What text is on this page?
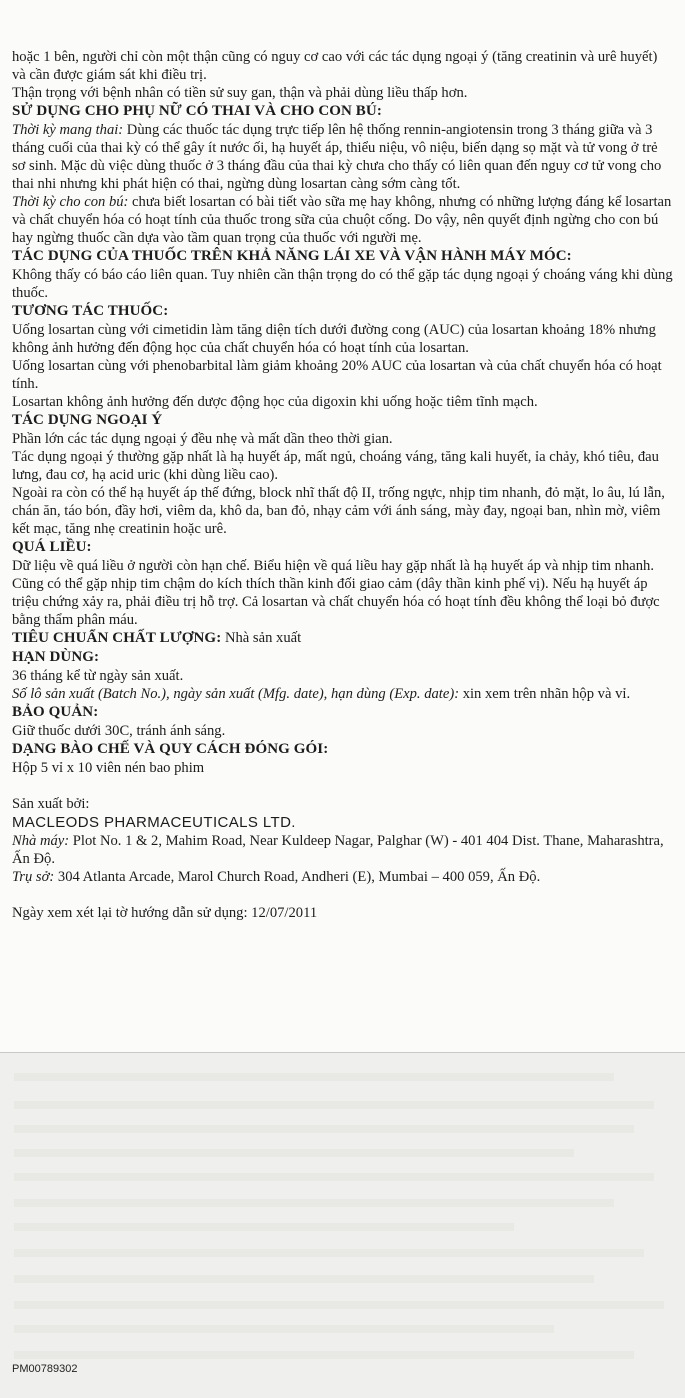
hoặc 1 bên, người chỉ còn một thận cũng có nguy cơ cao với các tác dụng ngoại ý (tăng creatinin và urê huyết) và cần được giám sát khi điều trị.

Thận trọng với bệnh nhân có tiền sử suy gan, thận và phải dùng liều thấp hơn.

SỬ DỤNG CHO PHỤ NỮ CÓ THAI VÀ CHO CON BÚ:

Thời kỳ mang thai: Dùng các thuốc tác dụng trực tiếp lên hệ thống rennin-angiotensin trong 3 tháng giữa và 3 tháng cuối của thai kỳ có thể gây ít nước ối, hạ huyết áp, thiểu niệu, vô niệu, biến dạng sọ mặt và tử vong ở trẻ sơ sinh. Mặc dù việc dùng thuốc ở 3 tháng đầu của thai kỳ chưa cho thấy có liên quan đến nguy cơ tử vong cho thai nhi nhưng khi phát hiện có thai, ngừng dùng losartan càng sớm càng tốt.

Thời kỳ cho con bú: chưa biết losartan có bài tiết vào sữa mẹ hay không, nhưng có những lượng đáng kể losartan và chất chuyển hóa có hoạt tính của thuốc trong sữa của chuột cống. Do vậy, nên quyết định ngừng cho con bú hay ngừng thuốc cần dựa vào tầm quan trọng của thuốc với người mẹ.

TÁC DỤNG CỦA THUỐC TRÊN KHẢ NĂNG LÁI XE VÀ VẬN HÀNH MÁY MÓC:

Không thấy có báo cáo liên quan. Tuy nhiên cần thận trọng do có thể gặp tác dụng ngoại ý choáng váng khi dùng thuốc.

TƯƠNG TÁC THUỐC:

Uống losartan cùng với cimetidin làm tăng diện tích dưới đường cong (AUC) của losartan khoảng 18% nhưng không ảnh hưởng đến động học của chất chuyển hóa có hoạt tính của losartan.

Uống losartan cùng với phenobarbital làm giảm khoảng 20% AUC của losartan và của chất chuyển hóa có hoạt tính.

Losartan không ảnh hưởng đến dược động học của digoxin khi uống hoặc tiêm tĩnh mạch.

TÁC DỤNG NGOẠI Ý

Phần lớn các tác dụng ngoại ý đều nhẹ và mất dần theo thời gian.

Tác dụng ngoại ý thường gặp nhất là hạ huyết áp, mất ngủ, choáng váng, tăng kali huyết, ỉa chảy, khó tiêu, đau lưng, đau cơ, hạ acid uric (khi dùng liều cao).

Ngoài ra còn có thể hạ huyết áp thế đứng, block nhĩ thất độ II, trống ngực, nhịp tim nhanh, đỏ mặt, lo âu, lú lẫn, chán ăn, táo bón, đầy hơi, viêm da, khô da, ban đỏ, nhạy cảm với ánh sáng, mày đay, ngoại ban, nhìn mờ, viêm kết mạc, tăng nhẹ creatinin hoặc urê.

QUÁ LIỀU:

Dữ liệu về quá liều ở người còn hạn chế. Biểu hiện về quá liều hay gặp nhất là hạ huyết áp và nhịp tim nhanh. Cũng có thể gặp nhịp tim chậm do kích thích thần kinh đối giao cảm (dây thần kinh phế vị). Nếu hạ huyết áp triệu chứng xảy ra, phải điều trị hỗ trợ. Cả losartan và chất chuyển hóa có hoạt tính đều không thể loại bỏ được bằng thẩm phân máu.

TIÊU CHUẨN CHẤT LƯỢNG: Nhà sản xuất

HẠN DÙNG:

36 tháng kể từ ngày sản xuất.

Số lô sản xuất (Batch No.), ngày sản xuất (Mfg. date), hạn dùng (Exp. date): xin xem trên nhãn hộp và vỉ.

BẢO QUẢN:

Giữ thuốc dưới 30C, tránh ánh sáng.

DẠNG BÀO CHẾ VÀ QUY CÁCH ĐÓNG GÓI:

Hộp 5 vỉ x 10 viên nén bao phim

Sản xuất bởi:

MACLEODS PHARMACEUTICALS LTD.

Nhà máy: Plot No. 1 & 2, Mahim Road, Near Kuldeep Nagar, Palghar (W) - 401 404 Dist. Thane, Maharashtra, Ấn Độ.

Trụ sở: 304 Atlanta Arcade, Marol Church Road, Andheri (E), Mumbai – 400 059, Ấn Độ.

Ngày xem xét lại tờ hướng dẫn sử dụng: 12/07/2011

PM00789302
